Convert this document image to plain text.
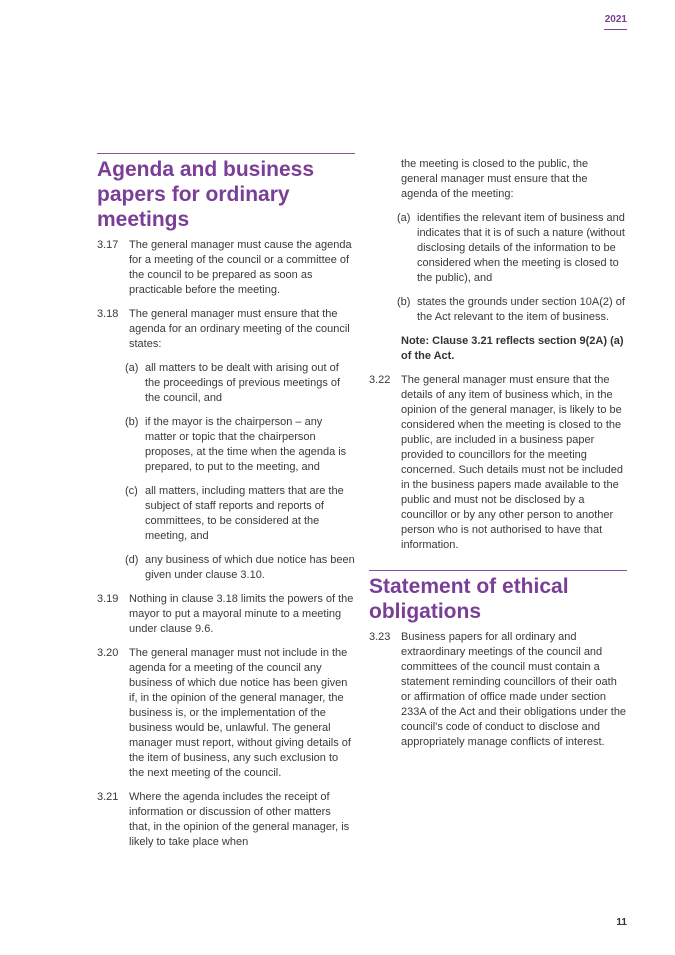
2021
Agenda and business papers for ordinary meetings
3.17 The general manager must cause the agenda for a meeting of the council or a committee of the council to be prepared as soon as practicable before the meeting.
3.18 The general manager must ensure that the agenda for an ordinary meeting of the council states:
(a) all matters to be dealt with arising out of the proceedings of previous meetings of the council, and
(b) if the mayor is the chairperson – any matter or topic that the chairperson proposes, at the time when the agenda is prepared, to put to the meeting, and
(c) all matters, including matters that are the subject of staff reports and reports of committees, to be considered at the meeting, and
(d) any business of which due notice has been given under clause 3.10.
3.19 Nothing in clause 3.18 limits the powers of the mayor to put a mayoral minute to a meeting under clause 9.6.
3.20 The general manager must not include in the agenda for a meeting of the council any business of which due notice has been given if, in the opinion of the general manager, the business is, or the implementation of the business would be, unlawful. The general manager must report, without giving details of the item of business, any such exclusion to the next meeting of the council.
3.21 Where the agenda includes the receipt of information or discussion of other matters that, in the opinion of the general manager, is likely to take place when
the meeting is closed to the public, the general manager must ensure that the agenda of the meeting:
(a) identifies the relevant item of business and indicates that it is of such a nature (without disclosing details of the information to be considered when the meeting is closed to the public), and
(b) states the grounds under section 10A(2) of the Act relevant to the item of business.
Note: Clause 3.21 reflects section 9(2A) (a) of the Act.
3.22 The general manager must ensure that the details of any item of business which, in the opinion of the general manager, is likely to be considered when the meeting is closed to the public, are included in a business paper provided to councillors for the meeting concerned. Such details must not be included in the business papers made available to the public and must not be disclosed by a councillor or by any other person to another person who is not authorised to have that information.
Statement of ethical obligations
3.23 Business papers for all ordinary and extraordinary meetings of the council and committees of the council must contain a statement reminding councillors of their oath or affirmation of office made under section 233A of the Act and their obligations under the council's code of conduct to disclose and appropriately manage conflicts of interest.
11
